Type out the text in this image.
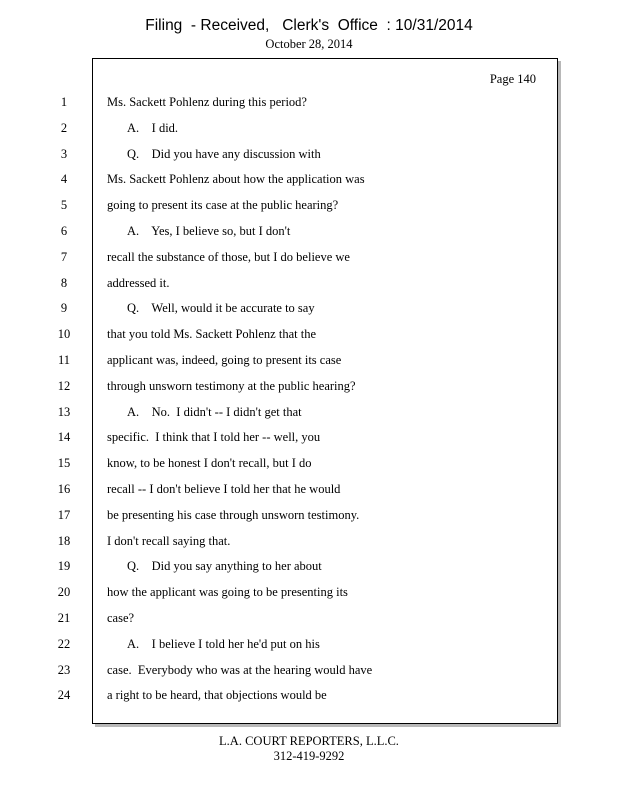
Filing  - Received,   Clerk's  Office  : 10/31/2014
October 28, 2014
1
2
3
4
5
6
7
8
9
10
11
12
13
14
15
16
17
18
19
20
21
22
23
24
Page 140
Ms. Sackett Pohlenz during this period?
A.    I did.
Q.    Did you have any discussion with
Ms. Sackett Pohlenz about how the application was
going to present its case at the public hearing?
A.    Yes, I believe so, but I don't
recall the substance of those, but I do believe we
addressed it.
Q.    Well, would it be accurate to say
that you told Ms. Sackett Pohlenz that the
applicant was, indeed, going to present its case
through unsworn testimony at the public hearing?
A.    No.  I didn't -- I didn't get that
specific.  I think that I told her -- well, you
know, to be honest I don't recall, but I do
recall -- I don't believe I told her that he would
be presenting his case through unsworn testimony.
I don't recall saying that.
Q.    Did you say anything to her about
how the applicant was going to be presenting its
case?
A.    I believe I told her he'd put on his
case.  Everybody who was at the hearing would have
a right to be heard, that objections would be
L.A. COURT REPORTERS, L.L.C.
312-419-9292
